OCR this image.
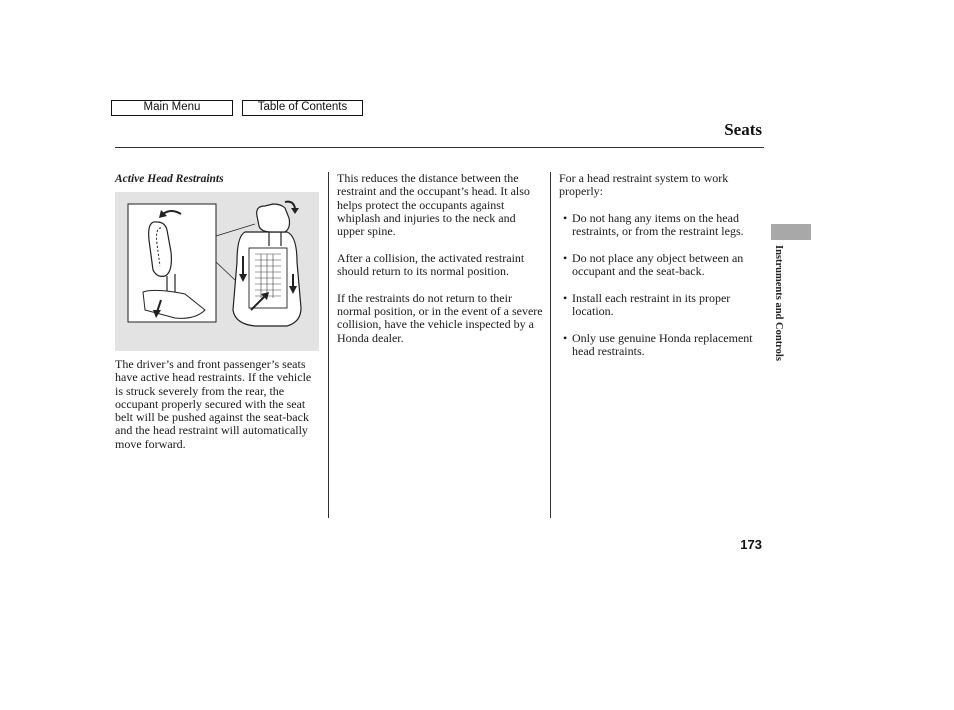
Main Menu	Table of Contents
Seats
Active Head Restraints

The driver’s and front passenger’s seats have active head restraints. If the vehicle is struck severely from the rear, the occupant properly secured with the seat belt will be pushed against the seat-back and the head restraint will automatically move forward.

This reduces the distance between the restraint and the occupant’s head. It also helps protect the occupants against whiplash and injuries to the neck and upper spine.

After a collision, the activated restraint should return to its normal position.

If the restraints do not return to their normal position, or in the event of a severe collision, have the vehicle inspected by a Honda dealer.

For a head restraint system to work properly:

• Do not hang any items on the head restraints, or from the restraint legs.
• Do not place any object between an occupant and the seat-back.
• Install each restraint in its proper location.
• Only use genuine Honda replacement head restraints.	Instruments and Controls
173
